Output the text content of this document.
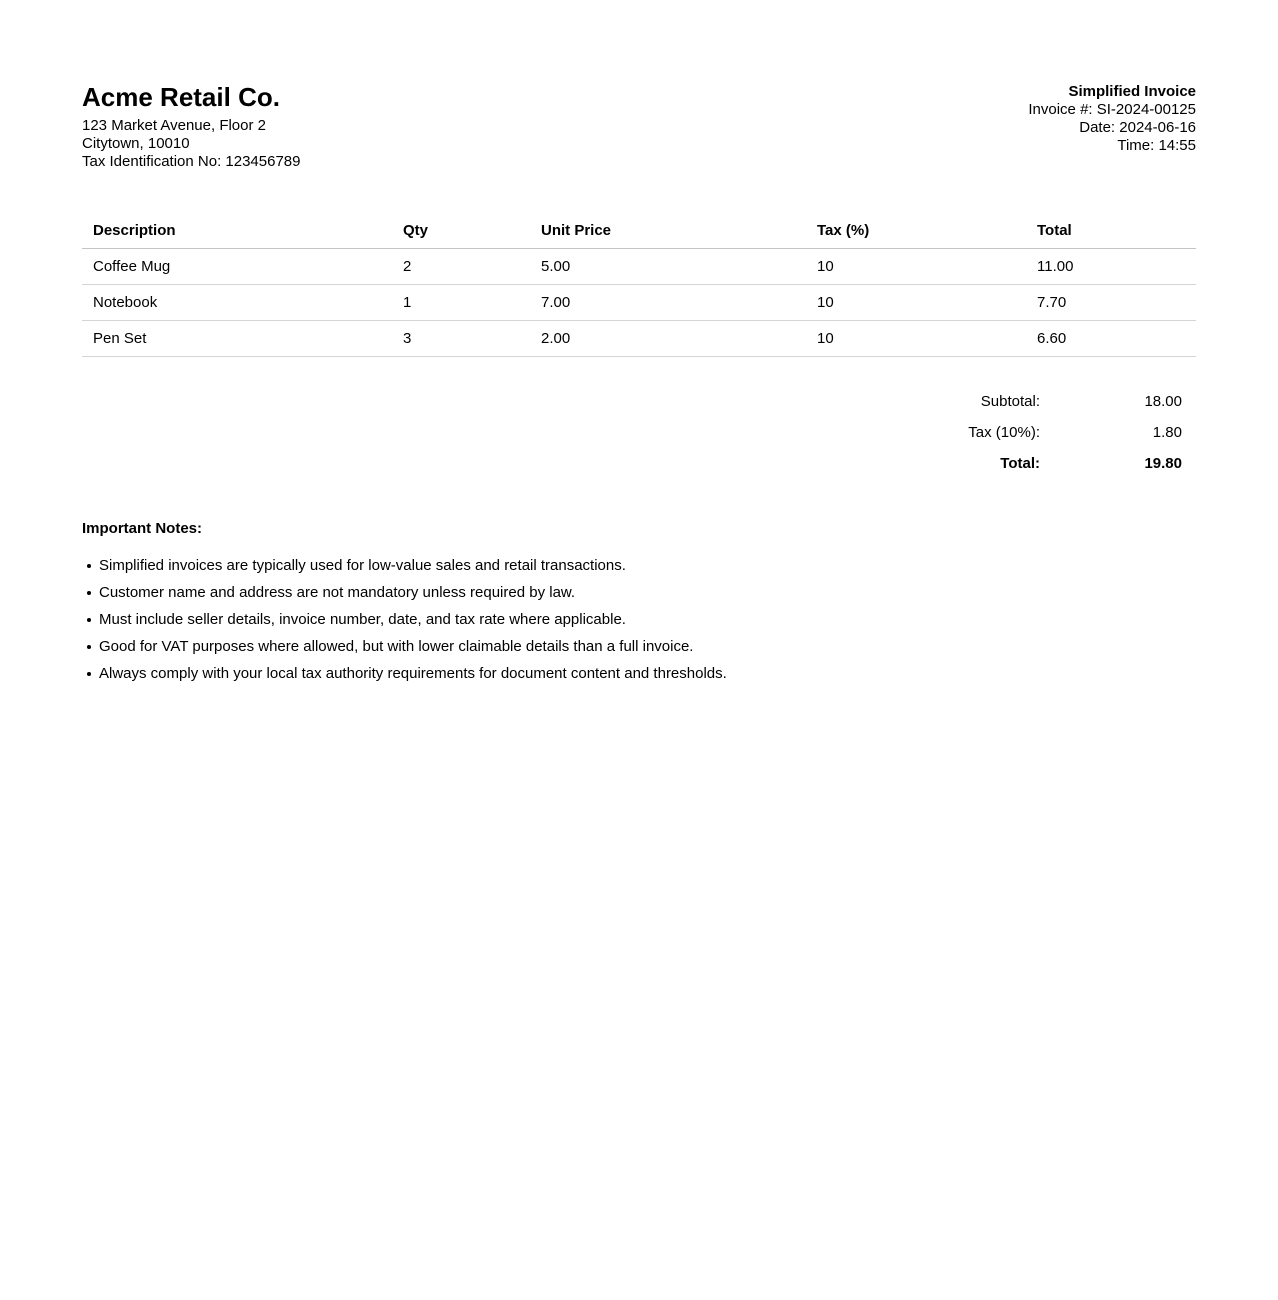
Acme Retail Co.
123 Market Avenue, Floor 2
Citytown, 10010
Tax Identification No: 123456789
Simplified Invoice
Invoice #: SI-2024-00125
Date: 2024-06-16
Time: 14:55
Description	Qty	Unit Price	Tax (%)	Total
Coffee Mug	2	5.00	10	11.00
Notebook	1	7.00	10	7.70
Pen Set	3	2.00	10	6.60
Subtotal:	18.00
Tax (10%):	1.80
Total:	19.80
Important Notes:
Simplified invoices are typically used for low-value sales and retail transactions.
Customer name and address are not mandatory unless required by law.
Must include seller details, invoice number, date, and tax rate where applicable.
Good for VAT purposes where allowed, but with lower claimable details than a full invoice.
Always comply with your local tax authority requirements for document content and thresholds.
